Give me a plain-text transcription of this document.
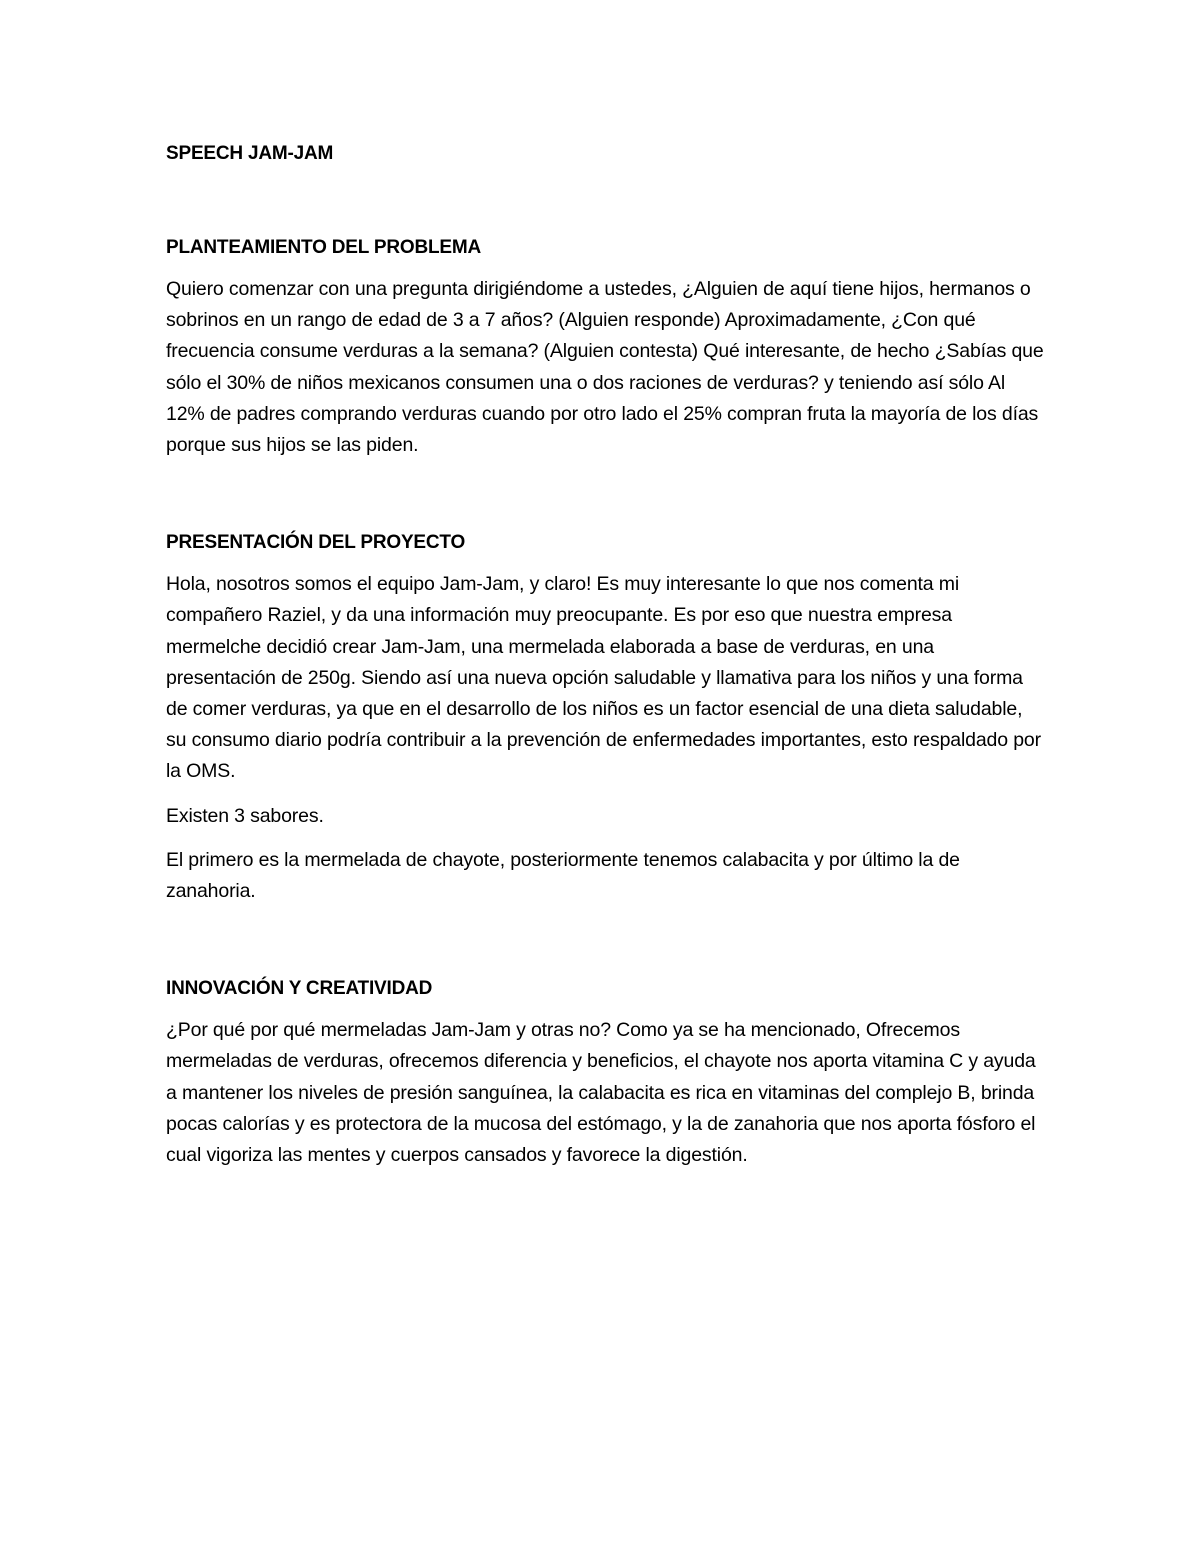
SPEECH JAM-JAM
PLANTEAMIENTO DEL PROBLEMA

Quiero comenzar con una pregunta dirigiéndome a ustedes, ¿Alguien de aquí tiene hijos, hermanos o sobrinos en un rango de edad de 3 a 7 años? (Alguien responde) Aproximadamente, ¿Con qué frecuencia consume verduras a la semana? (Alguien contesta) Qué interesante, de hecho ¿Sabías que sólo el 30% de niños mexicanos consumen una o dos raciones de verduras? y teniendo así sólo Al 12% de padres comprando verduras cuando por otro lado el 25% compran fruta la mayoría de los días porque sus hijos se las piden.

PRESENTACIÓN DEL PROYECTO

Hola, nosotros somos el equipo Jam-Jam, y claro! Es muy interesante lo que nos comenta mi compañero Raziel, y da una información muy preocupante. Es por eso que nuestra empresa mermelche decidió crear Jam-Jam, una mermelada elaborada a base de verduras, en una presentación de 250g. Siendo así una nueva opción saludable y llamativa para los niños y una forma de comer verduras, ya que en el desarrollo de los niños es un factor esencial de una dieta saludable, su consumo diario podría contribuir a la prevención de enfermedades importantes, esto respaldado por la OMS.

Existen 3 sabores.

El primero es la mermelada de chayote, posteriormente tenemos calabacita y por último la de zanahoria.

INNOVACIÓN Y CREATIVIDAD

¿Por qué por qué mermeladas Jam-Jam y otras no? Como ya se ha mencionado, Ofrecemos mermeladas de verduras, ofrecemos diferencia y beneficios, el chayote nos aporta vitamina C y ayuda a mantener los niveles de presión sanguínea, la calabacita es rica en vitaminas del complejo B, brinda pocas calorías y es protectora de la mucosa del estómago, y la de zanahoria que nos aporta fósforo el cual vigoriza las mentes y cuerpos cansados y favorece la digestión.
